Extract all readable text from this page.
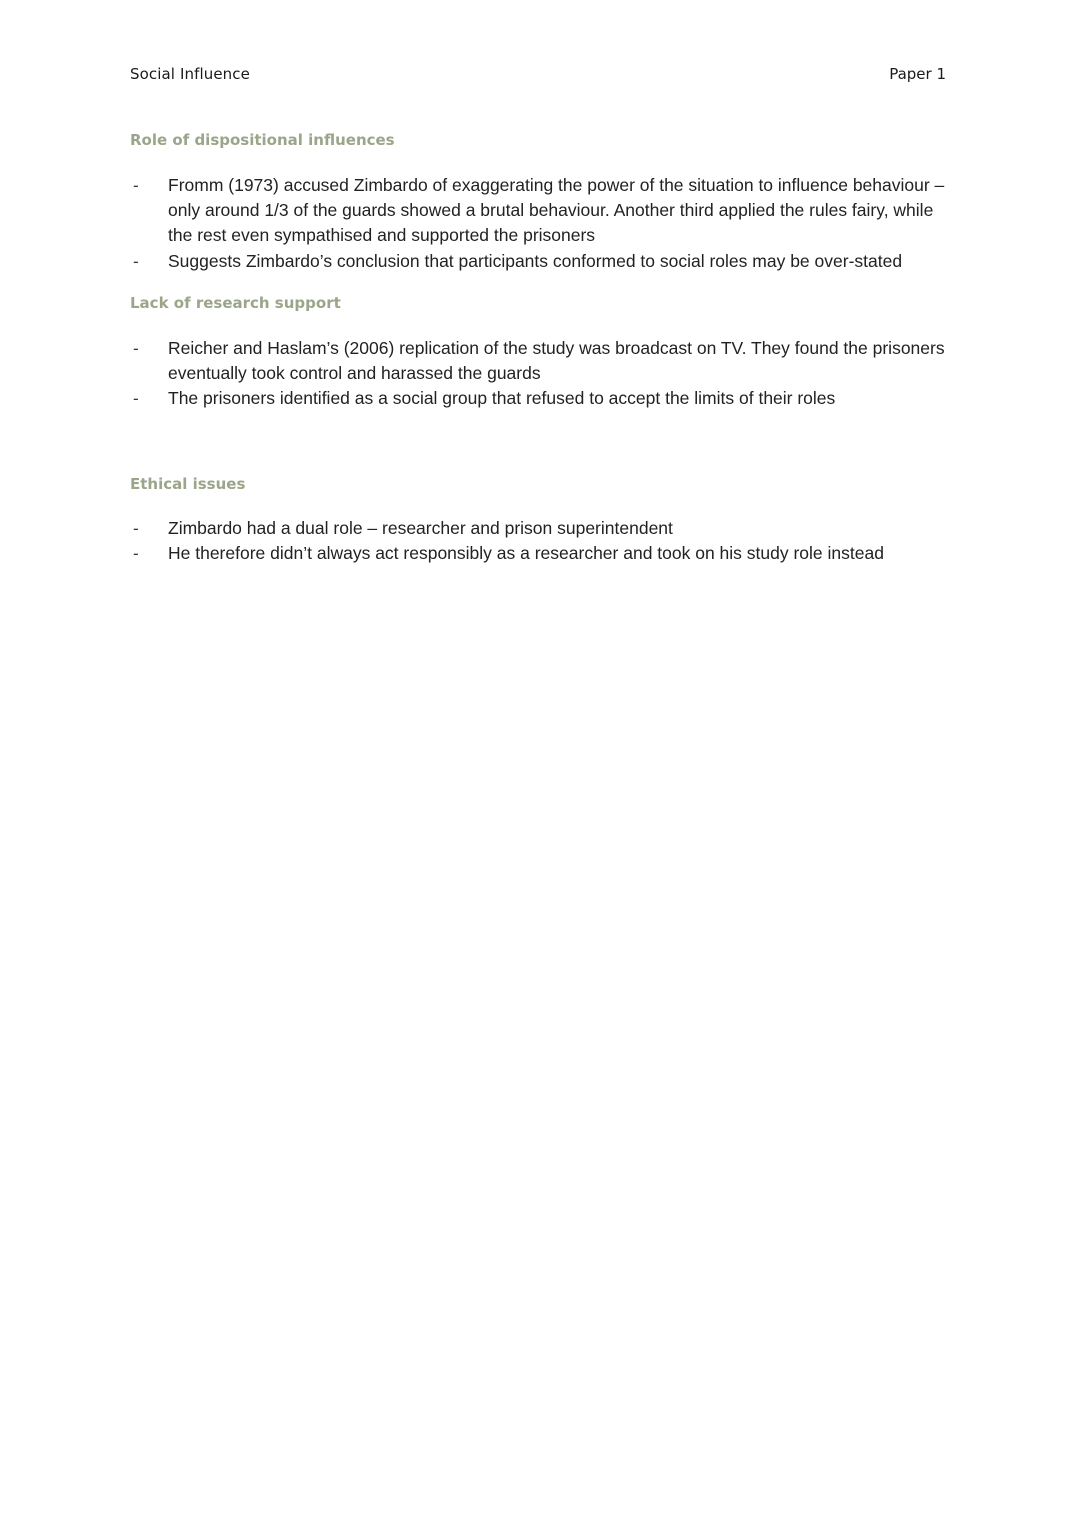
Social Influence	Paper 1
Role of dispositional influences
- Fromm (1973) accused Zimbardo of exaggerating the power of the situation to influence behaviour – only around 1/3 of the guards showed a brutal behaviour. Another third applied the rules fairy, while the rest even sympathised and supported the prisoners
- Suggests Zimbardo’s conclusion that participants conformed to social roles may be over-stated
Lack of research support
- Reicher and Haslam’s (2006) replication of the study was broadcast on TV. They found the prisoners eventually took control and harassed the guards
- The prisoners identified as a social group that refused to accept the limits of their roles
Ethical issues
- Zimbardo had a dual role – researcher and prison superintendent
- He therefore didn’t always act responsibly as a researcher and took on his study role instead
